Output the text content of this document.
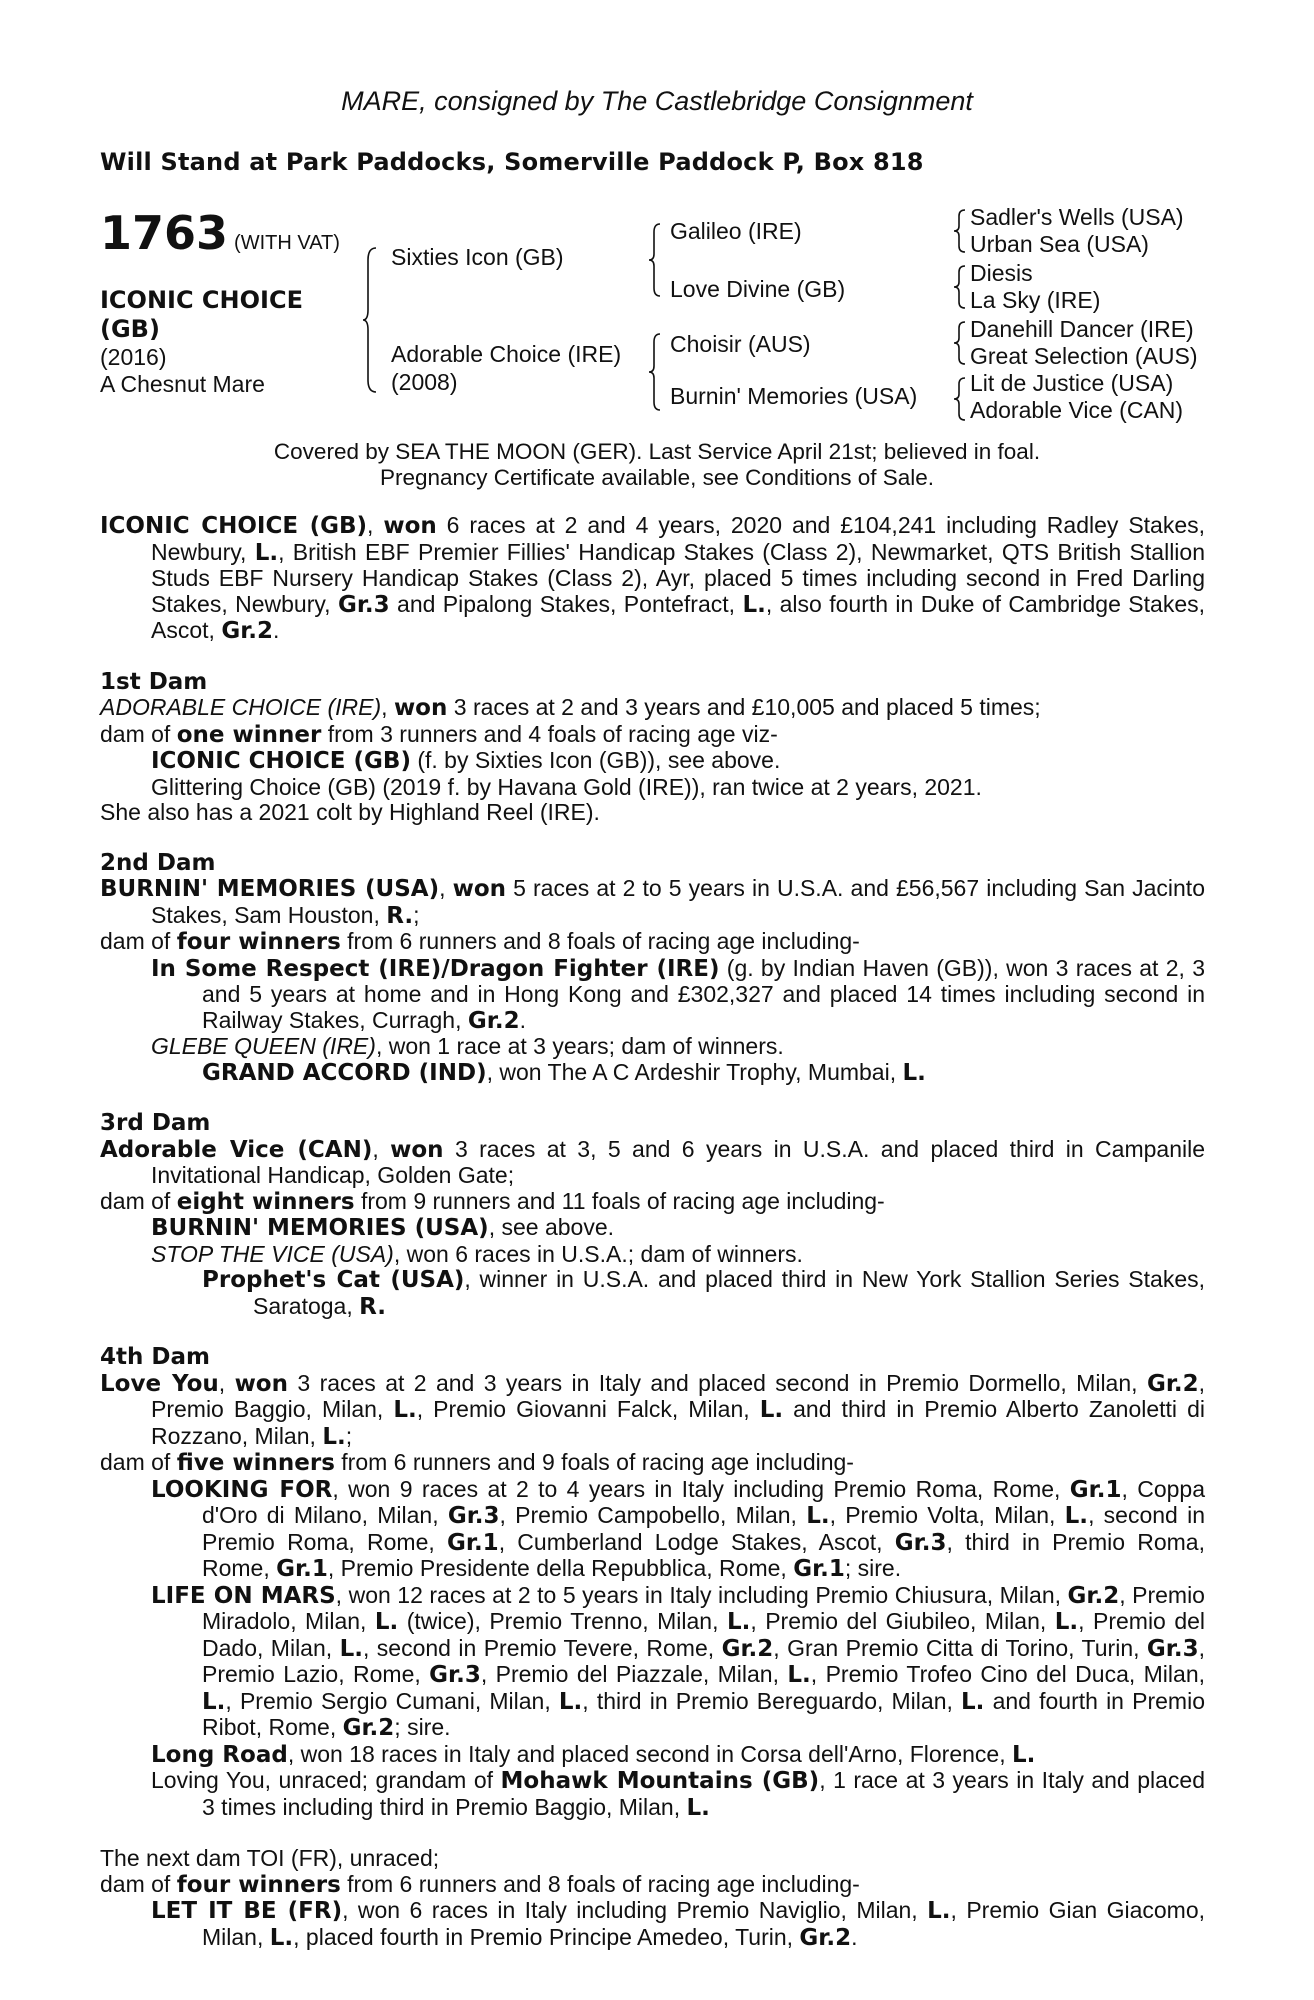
MARE, consigned by The Castlebridge Consignment
Will Stand at Park Paddocks, Somerville Paddock P, Box 818
1763 (WITH VAT)
ICONIC CHOICE
(GB)
(2016)
A Chesnut Mare
Sixties Icon (GB)
Adorable Choice (IRE)
(2008)
Galileo (IRE)
Love Divine (GB)
Choisir (AUS)
Burnin' Memories (USA)
Sadler's Wells (USA)
Urban Sea (USA)
Diesis
La Sky (IRE)
Danehill Dancer (IRE)
Great Selection (AUS)
Lit de Justice (USA)
Adorable Vice (CAN)
Covered by SEA THE MOON (GER). Last Service April 21st; believed in foal.
Pregnancy Certificate available, see Conditions of Sale.

ICONIC CHOICE (GB), won 6 races at 2 and 4 years, 2020 and £104,241 including Radley Stakes, Newbury, L., British EBF Premier Fillies' Handicap Stakes (Class 2), Newmarket, QTS British Stallion Studs EBF Nursery Handicap Stakes (Class 2), Ayr, placed 5 times including second in Fred Darling Stakes, Newbury, Gr.3 and Pipalong Stakes, Pontefract, L., also fourth in Duke of Cambridge Stakes, Ascot, Gr.2.

1st Dam

ADORABLE CHOICE (IRE), won 3 races at 2 and 3 years and £10,005 and placed 5 times;

dam of one winner from 3 runners and 4 foals of racing age viz-

ICONIC CHOICE (GB) (f. by Sixties Icon (GB)), see above.

Glittering Choice (GB) (2019 f. by Havana Gold (IRE)), ran twice at 2 years, 2021.

She also has a 2021 colt by Highland Reel (IRE).

2nd Dam

BURNIN' MEMORIES (USA), won 5 races at 2 to 5 years in U.S.A. and £56,567 including San Jacinto Stakes, Sam Houston, R.;

dam of four winners from 6 runners and 8 foals of racing age including-

In Some Respect (IRE)/Dragon Fighter (IRE) (g. by Indian Haven (GB)), won 3 races at 2, 3 and 5 years at home and in Hong Kong and £302,327 and placed 14 times including second in Railway Stakes, Curragh, Gr.2.

GLEBE QUEEN (IRE), won 1 race at 3 years; dam of winners.

GRAND ACCORD (IND), won The A C Ardeshir Trophy, Mumbai, L.

3rd Dam

Adorable Vice (CAN), won 3 races at 3, 5 and 6 years in U.S.A. and placed third in Campanile Invitational Handicap, Golden Gate;

dam of eight winners from 9 runners and 11 foals of racing age including-

BURNIN' MEMORIES (USA), see above.

STOP THE VICE (USA), won 6 races in U.S.A.; dam of winners.

Prophet's Cat (USA), winner in U.S.A. and placed third in New York Stallion Series Stakes, Saratoga, R.

4th Dam

Love You, won 3 races at 2 and 3 years in Italy and placed second in Premio Dormello, Milan, Gr.2, Premio Baggio, Milan, L., Premio Giovanni Falck, Milan, L. and third in Premio Alberto Zanoletti di Rozzano, Milan, L.;

dam of five winners from 6 runners and 9 foals of racing age including-

LOOKING FOR, won 9 races at 2 to 4 years in Italy including Premio Roma, Rome, Gr.1, Coppa d'Oro di Milano, Milan, Gr.3, Premio Campobello, Milan, L., Premio Volta, Milan, L., second in Premio Roma, Rome, Gr.1, Cumberland Lodge Stakes, Ascot, Gr.3, third in Premio Roma, Rome, Gr.1, Premio Presidente della Repubblica, Rome, Gr.1; sire.

LIFE ON MARS, won 12 races at 2 to 5 years in Italy including Premio Chiusura, Milan, Gr.2, Premio Miradolo, Milan, L. (twice), Premio Trenno, Milan, L., Premio del Giubileo, Milan, L., Premio del Dado, Milan, L., second in Premio Tevere, Rome, Gr.2, Gran Premio Citta di Torino, Turin, Gr.3, Premio Lazio, Rome, Gr.3, Premio del Piazzale, Milan, L., Premio Trofeo Cino del Duca, Milan, L., Premio Sergio Cumani, Milan, L., third in Premio Bereguardo, Milan, L. and fourth in Premio Ribot, Rome, Gr.2; sire.

Long Road, won 18 races in Italy and placed second in Corsa dell'Arno, Florence, L.

Loving You, unraced; grandam of Mohawk Mountains (GB), 1 race at 3 years in Italy and placed 3 times including third in Premio Baggio, Milan, L.

The next dam TOI (FR), unraced;

dam of four winners from 6 runners and 8 foals of racing age including-

LET IT BE (FR), won 6 races in Italy including Premio Naviglio, Milan, L., Premio Gian Giacomo, Milan, L., placed fourth in Premio Principe Amedeo, Turin, Gr.2.
